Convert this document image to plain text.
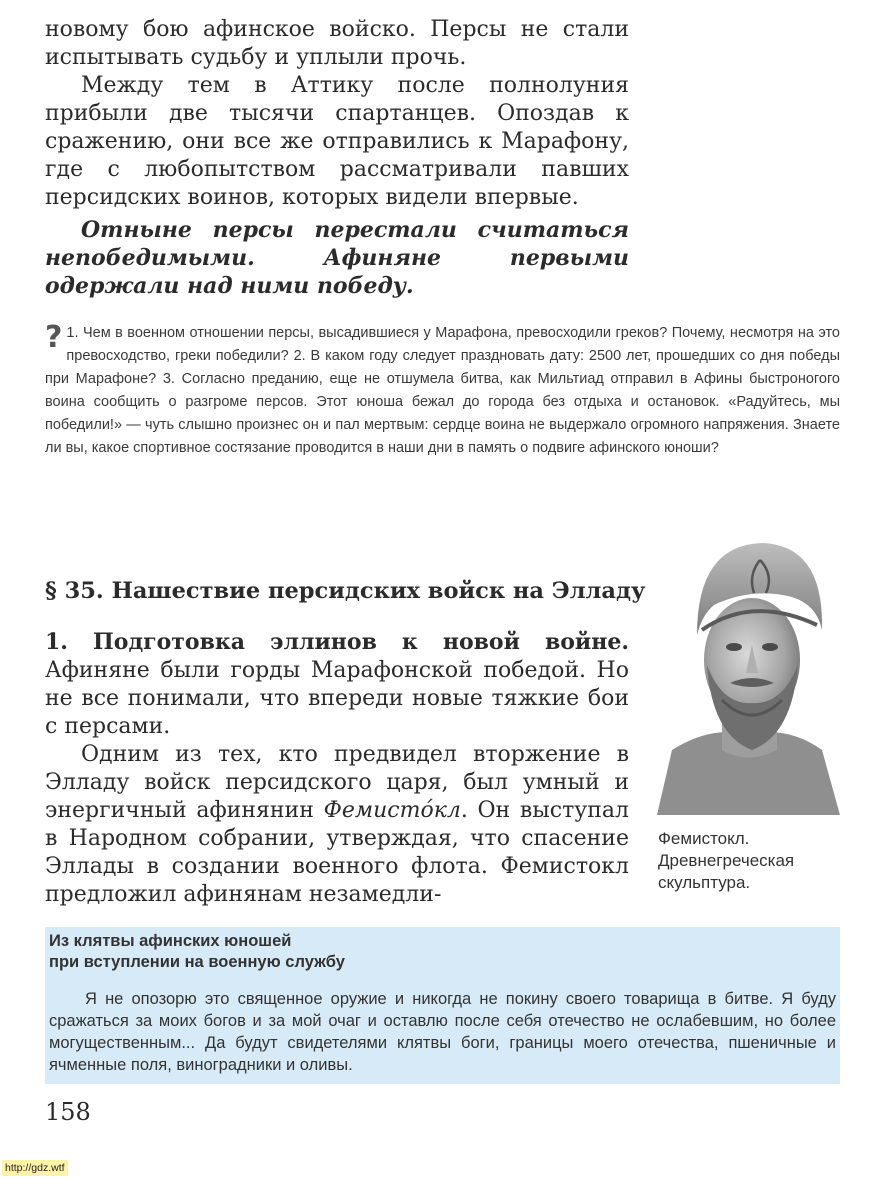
новому бою афинское войско. Персы не стали испытывать судьбу и уплыли прочь.

Между тем в Аттику после полнолуния прибыли две тысячи спартанцев. Опоздав к сражению, они все же отправились к Марафону, где с любопытством рассматривали павших персидских воинов, которых видели впервые.

Отныне персы перестали считаться непобедимыми. Афиняне первыми одержали над ними победу.

? 1. Чем в военном отношении персы, высадившиеся у Марафона, превосходили греков? Почему, несмотря на это превосходство, греки победили? 2. В каком году следует праздновать дату: 2500 лет, прошедших со дня победы при Марафоне? 3. Согласно преданию, еще не отшумела битва, как Мильтиад отправил в Афины быстроногого воина сообщить о разгроме персов. Этот юноша бежал до города без отдыха и остановок. «Радуйтесь, мы победили!» — чуть слышно произнес он и пал мертвым: сердце воина не выдержало огромного напряжения. Знаете ли вы, какое спортивное состязание проводится в наши дни в память о подвиге афинского юноши?

§ 35. Нашествие персидских войск на Элладу

1. Подготовка эллинов к новой войне. Афиняне были горды Марафонской победой. Но не все понимали, что впереди новые тяжкие бои с персами.

Одним из тех, кто предвидел вторжение в Элладу войск персидского царя, был умный и энергичный афинянин Фемисто́кл. Он выступал в Народном собрании, утверждая, что спасение Эллады в создании военного флота. Фемистокл предложил афинянам незамедли-

Фемистокл. Древнегреческая скульптура.

Из клятвы афинских юношей
при вступлении на военную службу

Я не опозорю это священное оружие и никогда не покину своего товарища в битве. Я буду сражаться за моих богов и за мой очаг и оставлю после себя отечество не ослабевшим, но более могущественным... Да будут свидетелями клятвы боги, границы моего отечества, пшеничные и ячменные поля, виноградники и оливы.

158
http://gdz.wtf
